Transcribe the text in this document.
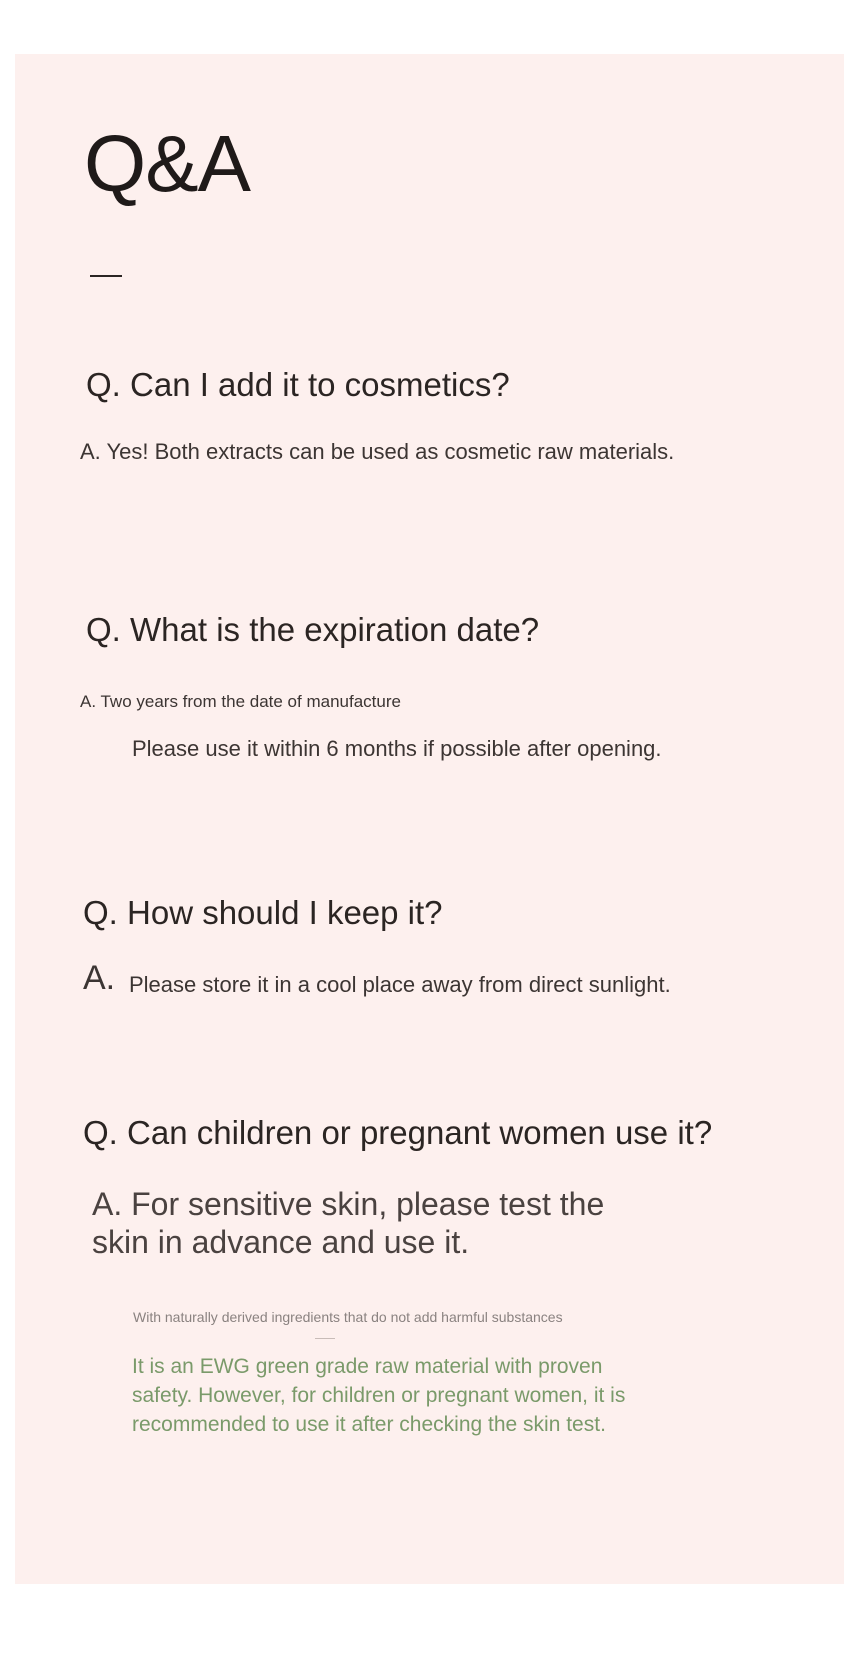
Q&A
Q. Can I add it to cosmetics?
A. Yes! Both extracts can be used as cosmetic raw materials.
Q. What is the expiration date?
A. Two years from the date of manufacture
Please use it within 6 months if possible after opening.
Q. How should I keep it?
A. Please store it in a cool place away from direct sunlight.
Q. Can children or pregnant women use it?
A. For sensitive skin, please test the skin in advance and use it.
With naturally derived ingredients that do not add harmful substances
It is an EWG green grade raw material with proven safety. However, for children or pregnant women, it is recommended to use it after checking the skin test.
